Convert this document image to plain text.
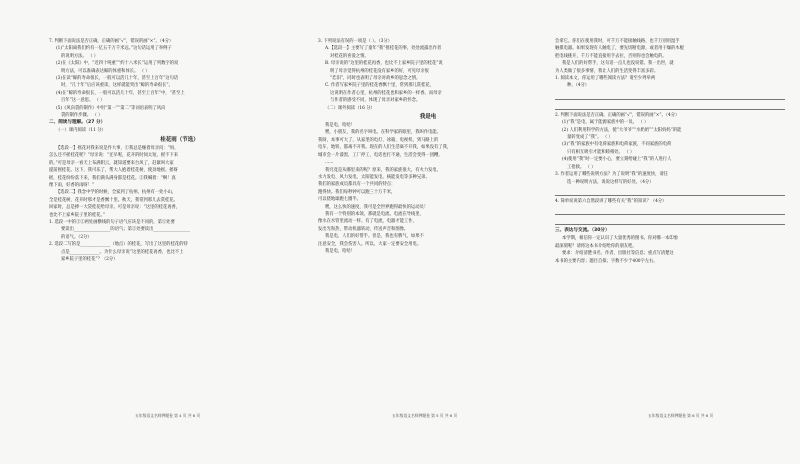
7. 判断下面说法是否正确，正确的画“√”，错误的画“×”。（4分）
(1)“太阳离我们约有一亿五千万千米远。”这句话运用了举例子
的说明方法。 （ ）
(2)在《太阳》中，“近四十吨重”“约十八米长”运用了列数字的说
明方法，可以准确表达鲸的体重和体长。 （ ）
(3)在读“鲸的寿命很长，一般可以活几十年，甚至上百年”这句话
时，“几十年”后应该重读，这样就能突出“鲸的寿命很长”。
(4)在“鲸的寿命很长，一般可以活几十年，甚至上百年”中，“甚至上
百年”这一意思。 （ ）
(5)《风向袋的制作》中用“第一”“第二”等词语表明了风向
袋的制作步骤。 （ ）
二、阅读与理解。（27 分）
（一）课内阅读（11 分）
桂花雨（节选）
【选段一】摇花对我来说是件大事，①我总是缠着母亲问：“妈，
怎么还不摇桂花呢？”母亲说：“还早呢，花开的时间太短，摇不下来
的。”可是母亲一看天上布满阴云，就知道要来台风了，赶紧叫大家
提前摇桂花。这下，我可乐了，帮大人抱着桂花树，使劲地摇。摇呀
摇，桂花纷纷落下来，我们满头满身都是桂花。②我喊着：“啊！真
像下雨，好香的雨呀！”
【选段二】我念中学的时候，全家到了杭州。杭州有一处小山，
全是桂花树，花开时那才是香飘十里。秋天，我常到那儿去赏桂花。
回家时，总是捧一大袋桂花给母亲。可是母亲说：“这里的桂花再香，
也比不上家乡院子里的桂花。”
1. 选段一中的①②两处画横线的句子语气应该是不同的，第①处要
要读出_________________的语气；第②处要读出_________________
的语气。（2分）
2. 选段二写的是______________（地点）的桂花，写出了这里的桂花的特
点是______________。为什么母亲说“这里的桂花再香，也比不上
家乡院子里的桂花”？（2分）
3. 下列说法有误的一项是（ ）。（3分）
A.【选段一】主要写了童年“我”摇桂花的事，处处流露出作者
对桂花的喜爱之情。
B. 母亲说的“这里的桂花再香，也比不上家乡院子里的桂花”说
明了母亲觉得杭州的桂花没有家乡的好，可见母亲很
“恋旧”，同时也表明了母亲对故乡的思念之情。
C. 作者写家乡院子里的桂花香飘十里，常到那儿赏桂花，
这说明在作者心里，杭州的桂花也和家乡的一样香。而母亲
与作者的感受不同，体现了母亲对家乡的怀念。
（二）课外阅读（16 分）
我是电
我是电，哈哈！
嘿，小朋友，我的名字叫电。在科学家的眼里，我叫作电能。
我呀，本事可大了，从家里的电灯、冰箱、电视机，到马路上的
电车、地铁，都离不开我。现在的人们生活离不开我，如果没有了我，
城市会一片漆黑，工厂停工，电话也打不通，生活会变得一团糟。
……
我究竟是从哪里来的呢？原来，我的家族很大，有火力发电、
水力发电、风力发电、太阳能发电、核能发电等多种兄弟。
我们的家族成员都具有一个共同的特点：
跑得快。我们每秒钟可以跑三十万千米，
可以绕地球跑七圈半。
嘿，这么快的速度，我可是全世界跑得最快的运动员！
我有一个特别的本领，那就是电流。电流在导线里，
像水在水管里流动一样。有了电流，电器才能工作，
发出光和热，带动机器转动，传送声音和图像。
我是电，人们的好帮手。但是，我也有脾气，如果不
注意安全，我会伤害人。所以，大家一定要安全用电。
我是电，哈哈！
会拿它。你们在使用我时，可千万不能接触线路，也千万别用湿手
触摸电器。如果发现有人触电了，要先切断电源，或者用干燥的木棍
把电线挑开，千万不能直接用手去拉，否则你也会触电的。
我是人们的好帮手，这句话一点儿也没说错。我一出世，就
为人类做了很多事情，我让人们的生活变得丰富多彩。
1. 阅读本文，你运用了哪些阅读方法？请至少列举两
种。（4分）
2. 判断下面说法是否正确，正确的画“√”，错误的画“×”。（4分）
(1)“我”是电，属于能源家族中的一员。 （ ）
(2) 人们利用科学的方法，使“大爷爷”“水奶奶”“太阳妈妈”的能
量转变成了“我”。 （ ）
(3)“我”的家族中有电荷家族和电荷家族，不同家族的电荷
只有相互吸引才能和睦相处。 （ ）
(4)使用“我”时一定要小心，要立刻给碰上“我”的人进行人
工抢救。 （ ）
3. 作者运用了哪些说明方法？为了说明“我”的速度快，请任
选一种说明方法，说说这样写的好处。（4分）
4. 简单说说第六自然段讲了哪些有关“我”的知识？（4分）
三、表达与交流。（30分）
本学期，相信你一定认识了大量优秀的图书。你对哪一本印象
最深刻呢？请将这本书介绍给你的朋友吧。
要求：介绍清楚书名、作者、出版社等信息；重点写清楚这
本书的主要内容；题目自拟；字数不少于400字左右。
五年级语文名师押题卷 第 4 页 共 6 页	五年级语文名师押题卷 第 5 页 共 6 页	五年级语文名师押题卷 第 6 页 共 6 页
